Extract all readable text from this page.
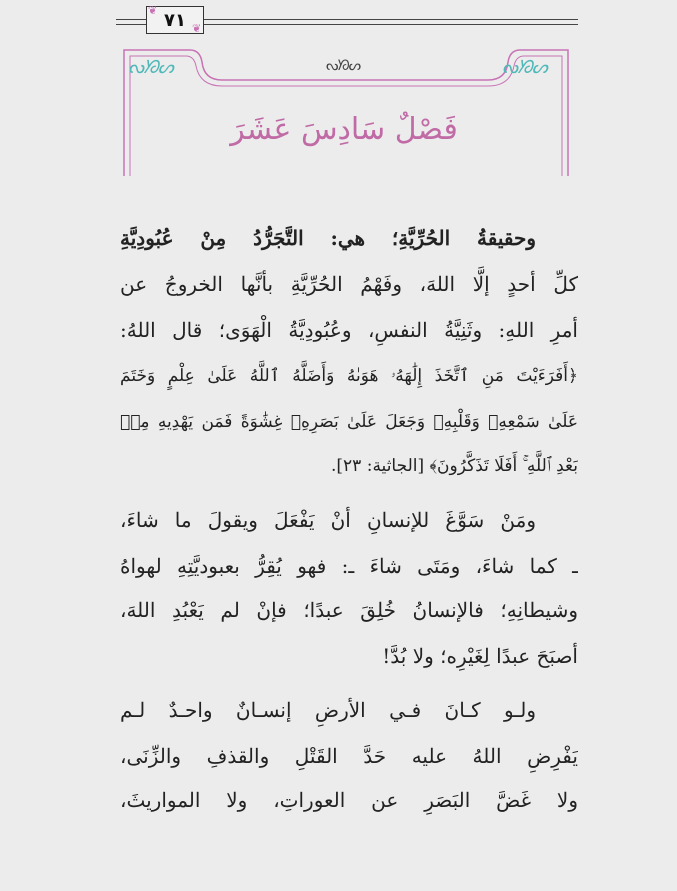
٧١
❦
❦
ᔓᘞᔕ	ᔓᘞᔕ
ᔓᘞᔕ
فَصْلٌ سَادِسَ عَشَرَ
وحقيقةُ الحُرِّيَّةِ؛ هي: التَّجَرُّدُ مِنْ عُبُودِيَّةِ
كلِّ أحدٍ إلَّا اللهَ، وفَهْمُ الحُرِّيَّةِ بأنَّها الخروجُ عن
أمرِ اللهِ: وثَنِيَّةُ النفسِ، وعُبُودِيَّةُ الْهَوَى؛ قال اللهُ:
﴿أَفَرَءَيْتَ مَنِ ٱتَّخَذَ إِلَٰهَهُۥ هَوَىٰهُ وَأَضَلَّهُ ٱللَّهُ عَلَىٰ عِلْمٍ وَخَتَمَ
عَلَىٰ سَمْعِهِۦ وَقَلْبِهِۦ وَجَعَلَ عَلَىٰ بَصَرِهِۦ غِشَٰوَةً فَمَن يَهْدِيهِ مِنۢ
بَعْدِ ٱللَّهِ ۚ أَفَلَا تَذَكَّرُونَ﴾ [الجاثية: ٢٣].
ومَنْ سَوَّغَ للإنسانِ أنْ يَفْعَلَ ويقولَ ما شاءَ،
ـ كما شاءَ، ومَتَى شاءَ ـ: فهو يُقِرُّ بعبوديَّتِهِ لهواهُ
وشيطانِهِ؛ فالإنسانُ خُلِقَ عبدًا؛ فإنْ لم يَعْبُدِ اللهَ،
أصبَحَ عبدًا لِغَيْرِه؛ ولا بُدَّ!
ولـو كـانَ فـي الأرضِ إنسـانٌ واحـدٌ لـم
يَفْرِضِ اللهُ عليه حَدَّ القَتْلِ والقذفِ والزِّنَى،
ولا غَضَّ البَصَرِ عن العوراتِ، ولا المواريثَ،
